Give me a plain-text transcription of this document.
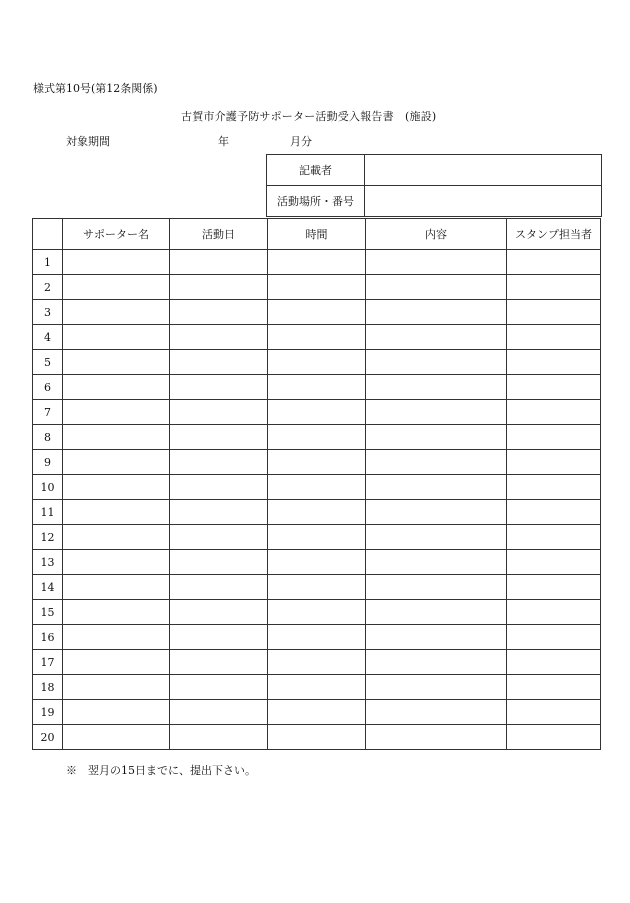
様式第10号(第12条関係)
古賀市介護予防サポーター活動受入報告書　(施設)
対象期間	年	月分
記載者	
活動場所・番号	
	サポーター名	活動日	時間	内容	スタンプ担当者
1					
2					
3					
4					
5					
6					
7					
8					
9					
10					
11					
12					
13					
14					
15					
16					
17					
18					
19					
20					
※　翌月の15日までに、提出下さい。
